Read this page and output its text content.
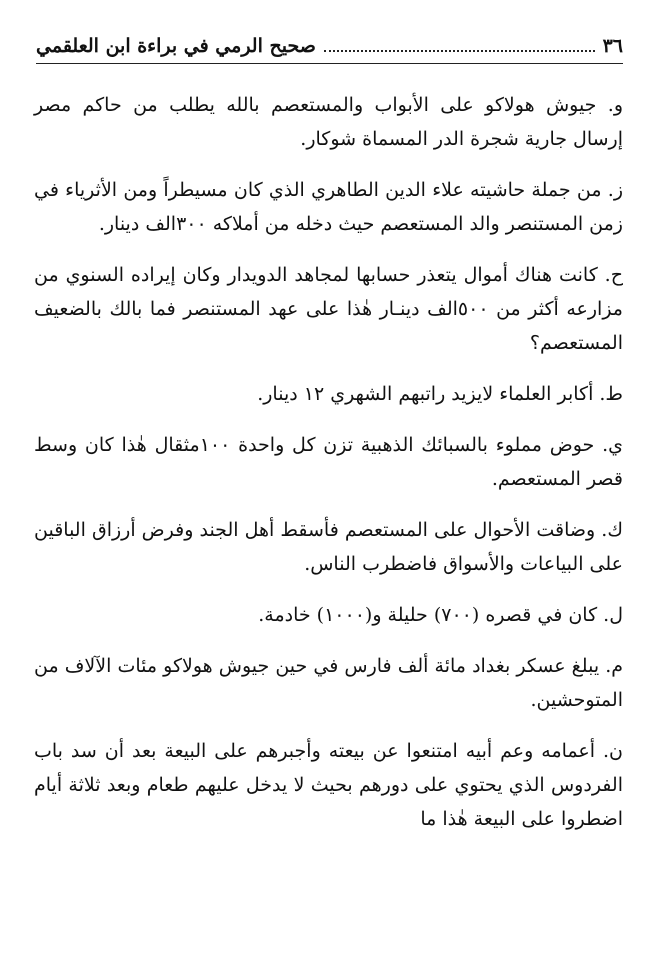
٣٦
صحيح الرمي في براءة ابن العلقمي

و. جيوش هولاكو على الأبواب والمستعصم بالله يطلب من حاكم مصر إرسال جارية شجرة الدر المسماة شوكار.

ز. من جملة حاشيته علاء الدين الطاهري الذي كان مسيطراً ومن الأثرياء في زمن المستنصر والد المستعصم حيث دخله من أملاكه ٣٠٠الف دينار.

ح. كانت هناك أموال يتعذر حسابها لمجاهد الدويدار وكان إيراده السنوي من مزارعه أكثر من ٥٠٠الف دينـار هٰذا على عهد المستنصر فما بالك بالضعيف المستعصم؟

ط. أكابر العلماء لايزيد راتبهم الشهري ١٢ دينار.

ي. حوض مملوء بالسبائك الذهبية تزن كل واحدة ١٠٠مثقال هٰذا كان وسط قصر المستعصم.

ك. وضاقت الأحوال على المستعصم فأسقط أهل الجند وفرض أرزاق الباقين على البياعات والأسواق فاضطرب الناس.

ل. كان في قصره (٧٠٠) حليلة و(١٠٠٠) خادمة.

م. يبلغ عسكر بغداد مائة ألف فارس في حين جيوش هولاكو مئات الآلاف من المتوحشين.

ن. أعمامه وعم أبيه امتنعوا عن بيعته وأجبرهم على البيعة بعد أن سد باب الفردوس الذي يحتوي على دورهم بحيث لا يدخل عليهم طعام وبعد ثلاثة أيام اضطروا على البيعة هٰذا ما
